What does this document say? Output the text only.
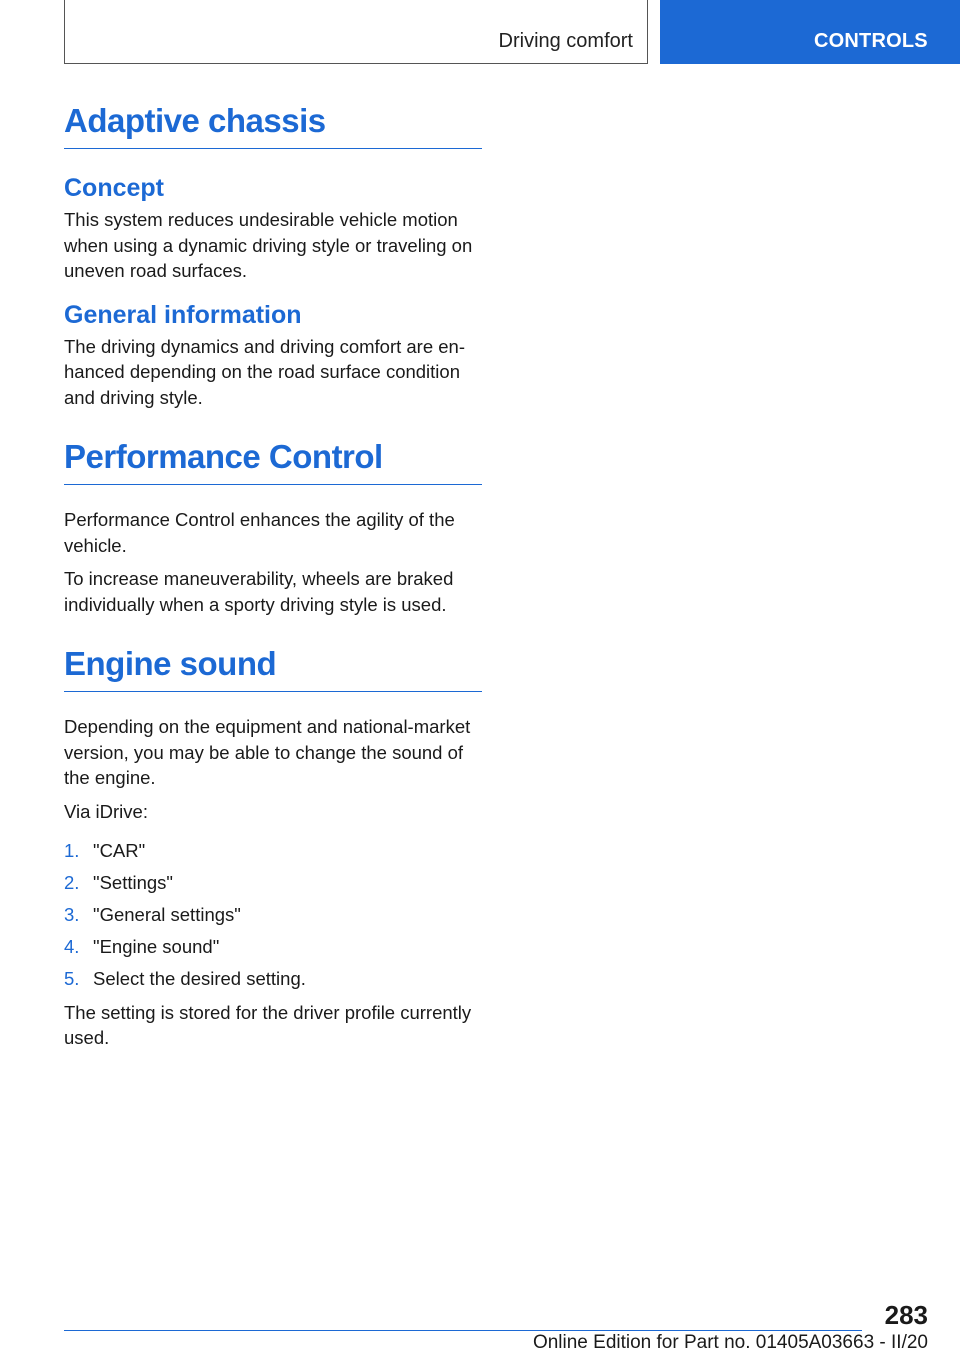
Driving comfort	CONTROLS
Adaptive chassis
Concept

This system reduces undesirable vehicle motion when using a dynamic driving style or traveling on uneven road surfaces.

General information

The driving dynamics and driving comfort are enhanced depending on the road surface condition and driving style.

Performance Control

Performance Control enhances the agility of the vehicle.

To increase maneuverability, wheels are braked individually when a sporty driving style is used.

Engine sound

Depending on the equipment and national-market version, you may be able to change the sound of the engine.

Via iDrive:

1. "CAR"
2. "Settings"
3. "General settings"
4. "Engine sound"
5. Select the desired setting.

The setting is stored for the driver profile currently used.

283
Online Edition for Part no. 01405A03663 - II/20
